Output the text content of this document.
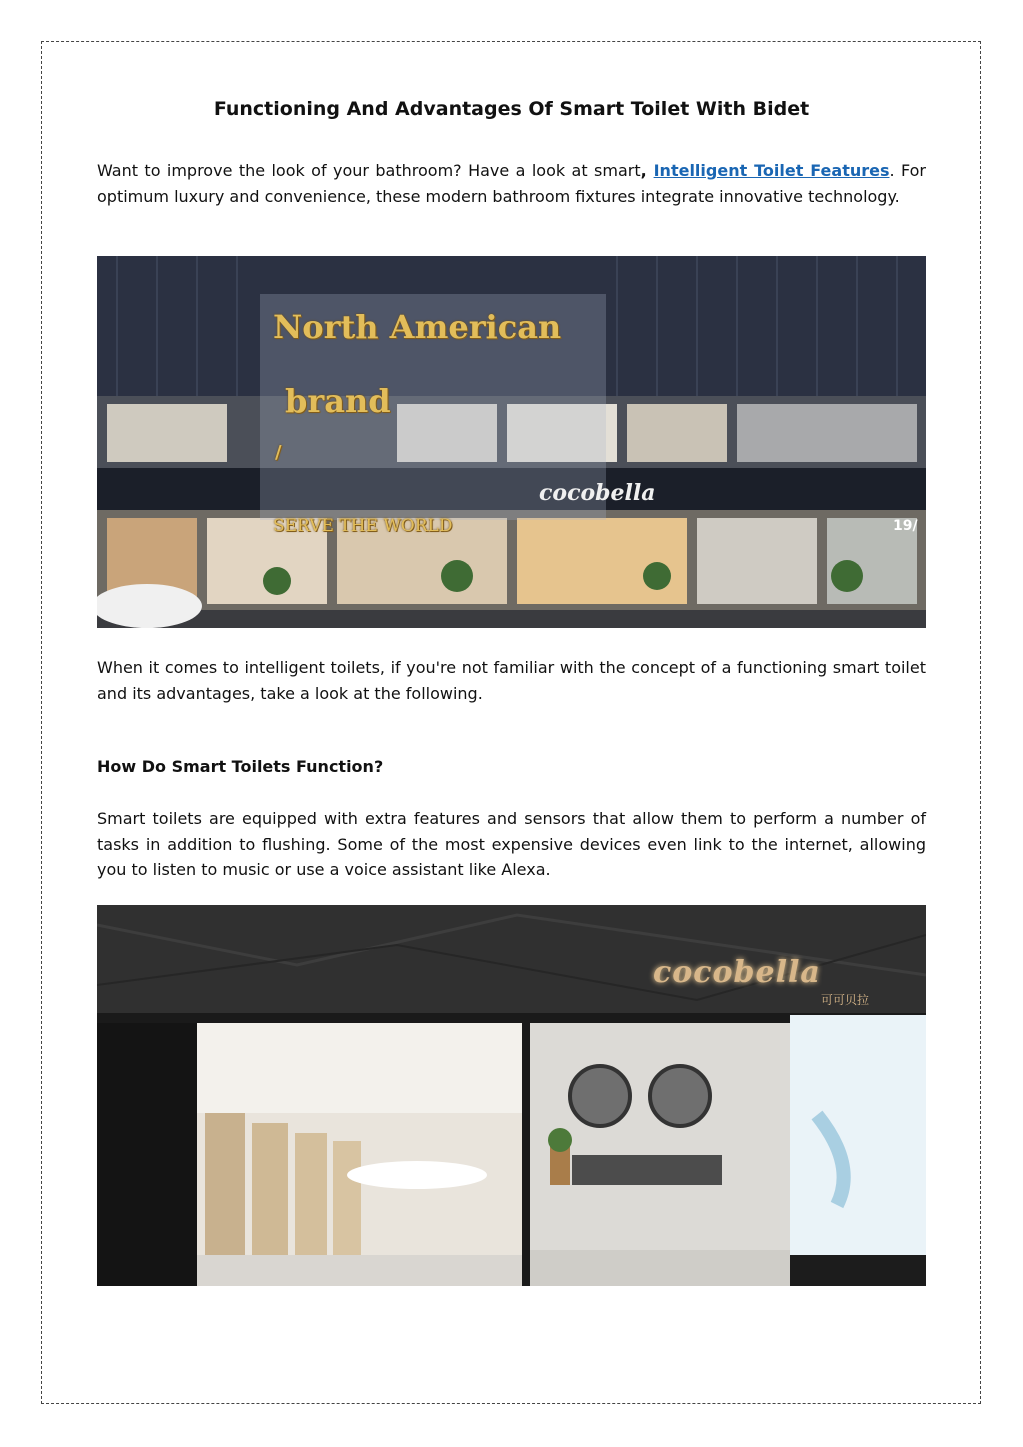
Functioning And Advantages Of Smart Toilet With Bidet

Want to improve the look of your bathroom? Have a look at smart, Intelligent Toilet Features. For optimum luxury and convenience, these modern bathroom fixtures integrate innovative technology.

North American
brand
/
SERVE THE WORLD
cocobella
19/

When it comes to intelligent toilets, if you're not familiar with the concept of a functioning smart toilet and its advantages, take a look at the following.

How Do Smart Toilets Function?

Smart toilets are equipped with extra features and sensors that allow them to perform a number of tasks in addition to flushing. Some of the most expensive devices even link to the internet, allowing you to listen to music or use a voice assistant like Alexa.

cocobella
可可贝拉
